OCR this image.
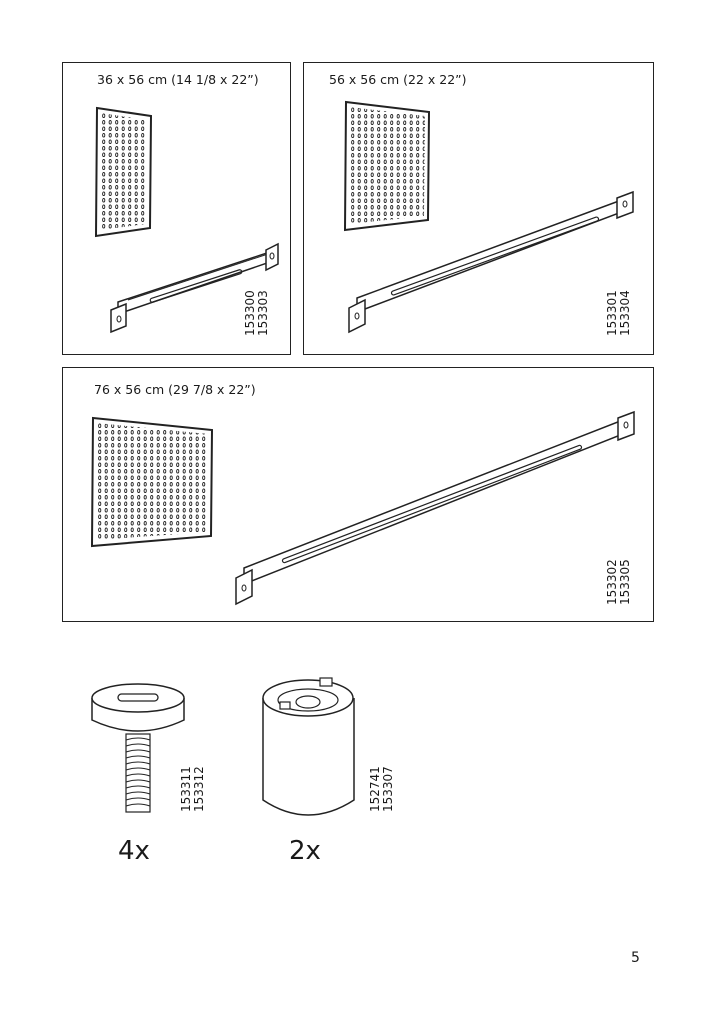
36 x 56 cm (14 1/8 x 22”)
153300 153303
56 x 56 cm (22 x 22”)
153301 153304
76 x 56 cm (29 7/8 x 22”)
153302 153305
153311 153312
4x
152741 153307
2x
5
